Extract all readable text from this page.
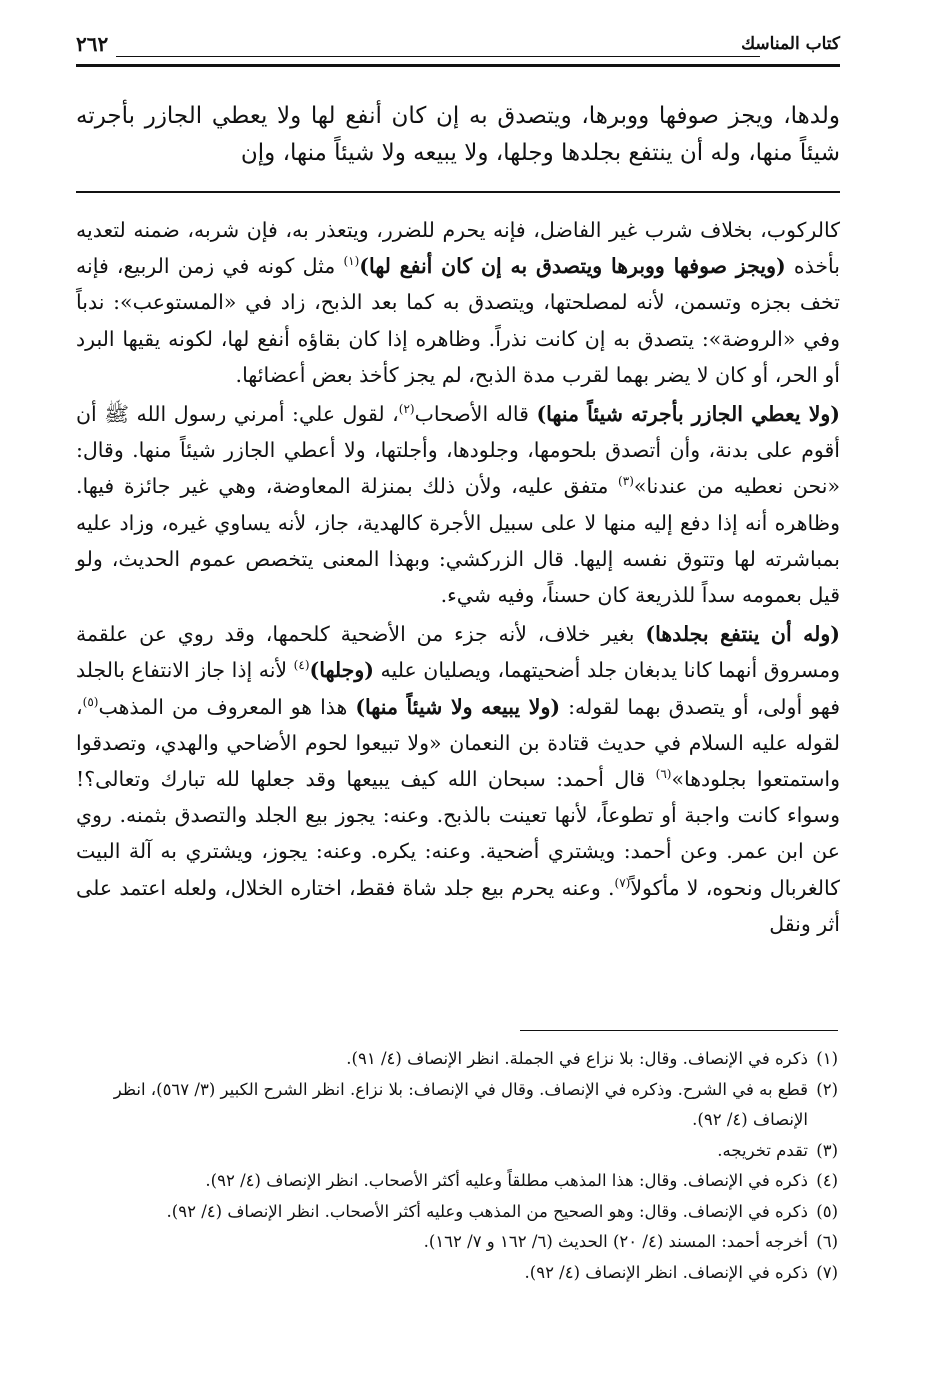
كتاب المناسك
٢٦٢
ولدها، ويجز صوفها ووبرها، ويتصدق به إن كان أنفع لها ولا يعطي الجازر بأجرته شيئاً منها، وله أن ينتفع بجلدها وجلها، ولا يبيعه ولا شيئاً منها، وإن

كالركوب، بخلاف شرب غير الفاضل، فإنه يحرم للضرر، ويتعذر به، فإن شربه، ضمنه لتعديه بأخذه (ويجز صوفها ووبرها ويتصدق به إن كان أنفع لها)$^{(١)}$ مثل كونه في زمن الربيع، فإنه تخف بجزه وتسمن، لأنه لمصلحتها، ويتصدق به كما بعد الذبح، زاد في «المستوعب»: ندباً وفي «الروضة»: يتصدق به إن كانت نذراً. وظاهره إذا كان بقاؤه أنفع لها، لكونه يقيها البرد أو الحر، أو كان لا يضر بهما لقرب مدة الذبح، لم يجز كأخذ بعض أعضائها.

(ولا يعطي الجازر بأجرته شيئاً منها) قاله الأصحاب$^{(٢)}$، لقول علي: أمرني رسول الله ﷺ أن أقوم على بدنة، وأن أتصدق بلحومها، وجلودها، وأجلتها، ولا أعطي الجازر شيئاً منها. وقال: «نحن نعطيه من عندنا»$^{(٣)}$ متفق عليه، ولأن ذلك بمنزلة المعاوضة، وهي غير جائزة فيها. وظاهره أنه إذا دفع إليه منها لا على سبيل الأجرة كالهدية، جاز، لأنه يساوي غيره، وزاد عليه بمباشرته لها وتتوق نفسه إليها. قال الزركشي: وبهذا المعنى يتخصص عموم الحديث، ولو قيل بعمومه سداً للذريعة كان حسناً، وفيه شيء.

(وله أن ينتفع بجلدها) بغير خلاف، لأنه جزء من الأضحية كلحمها، وقد روي عن علقمة ومسروق أنهما كانا يدبغان جلد أضحيتهما، ويصليان عليه (وجلها)$^{(٤)}$ لأنه إذا جاز الانتفاع بالجلد فهو أولى، أو يتصدق بهما لقوله: (ولا يبيعه ولا شيئاً منها) هذا هو المعروف من المذهب$^{(٥)}$، لقوله عليه السلام في حديث قتادة بن النعمان «ولا تبيعوا لحوم الأضاحي والهدي، وتصدقوا واستمتعوا بجلودها»$^{(٦)}$ قال أحمد: سبحان الله كيف يبيعها وقد جعلها لله تبارك وتعالى؟! وسواء كانت واجبة أو تطوعاً، لأنها تعينت بالذبح. وعنه: يجوز بيع الجلد والتصدق بثمنه. روي عن ابن عمر. وعن أحمد: ويشتري أضحية. وعنه: يكره. وعنه: يجوز، ويشتري به آلة البيت كالغربال ونحوه، لا مأكولاً$^{(٧)}$. وعنه يحرم بيع جلد شاة فقط، اختاره الخلال، ولعله اعتمد على أثر ونقل

(١)
ذكره في الإنصاف. وقال: بلا نزاع في الجملة. انظر الإنصاف (٤/ ٩١).
(٢)
قطع به في الشرح. وذكره في الإنصاف. وقال في الإنصاف: بلا نزاع. انظر الشرح الكبير (٣/ ٥٦٧)، انظر الإنصاف (٤/ ٩٢).
(٣)
تقدم تخريجه.
(٤)
ذكره في الإنصاف. وقال: هذا المذهب مطلقاً وعليه أكثر الأصحاب. انظر الإنصاف (٤/ ٩٢).
(٥)
ذكره في الإنصاف. وقال: وهو الصحيح من المذهب وعليه أكثر الأصحاب. انظر الإنصاف (٤/ ٩٢).
(٦)
أخرجه أحمد: المسند (٤/ ٢٠) الحديث (٦/ ١٦٢ و ٧/ ١٦٢).
(٧)
ذكره في الإنصاف. انظر الإنصاف (٤/ ٩٢).
